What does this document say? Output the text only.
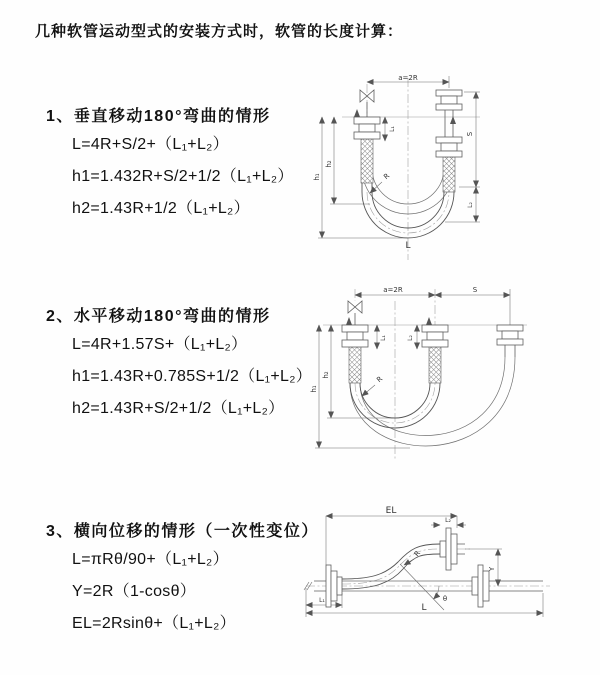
几种软管运动型式的安装方式时，软管的长度计算：
1、垂直移动180°弯曲的情形
L=4R+S/2+（L₁+L₂）
h1=1.432R+S/2+1/2（L₁+L₂）
h2=1.43R+1/2（L₁+L₂）
2、水平移动180°弯曲的情形
L=4R+1.57S+（L₁+L₂）
h1=1.43R+0.785S+1/2（L₁+L₂）
h2=1.43R+S/2+1/2（L₁+L₂）
3、横向位移的情形（一次性变位）
L=πRθ/90+（L₁+L₂）
Y=2R（1-cosθ）
EL=2Rsinθ+（L₁+L₂）
a=2R
S
L₂
L₁
h₁
h₂
R
L
a=2R	S
h₁
h₂
L₁	L₂
R
EL
L₂
Y
R
θ
L
L₁
